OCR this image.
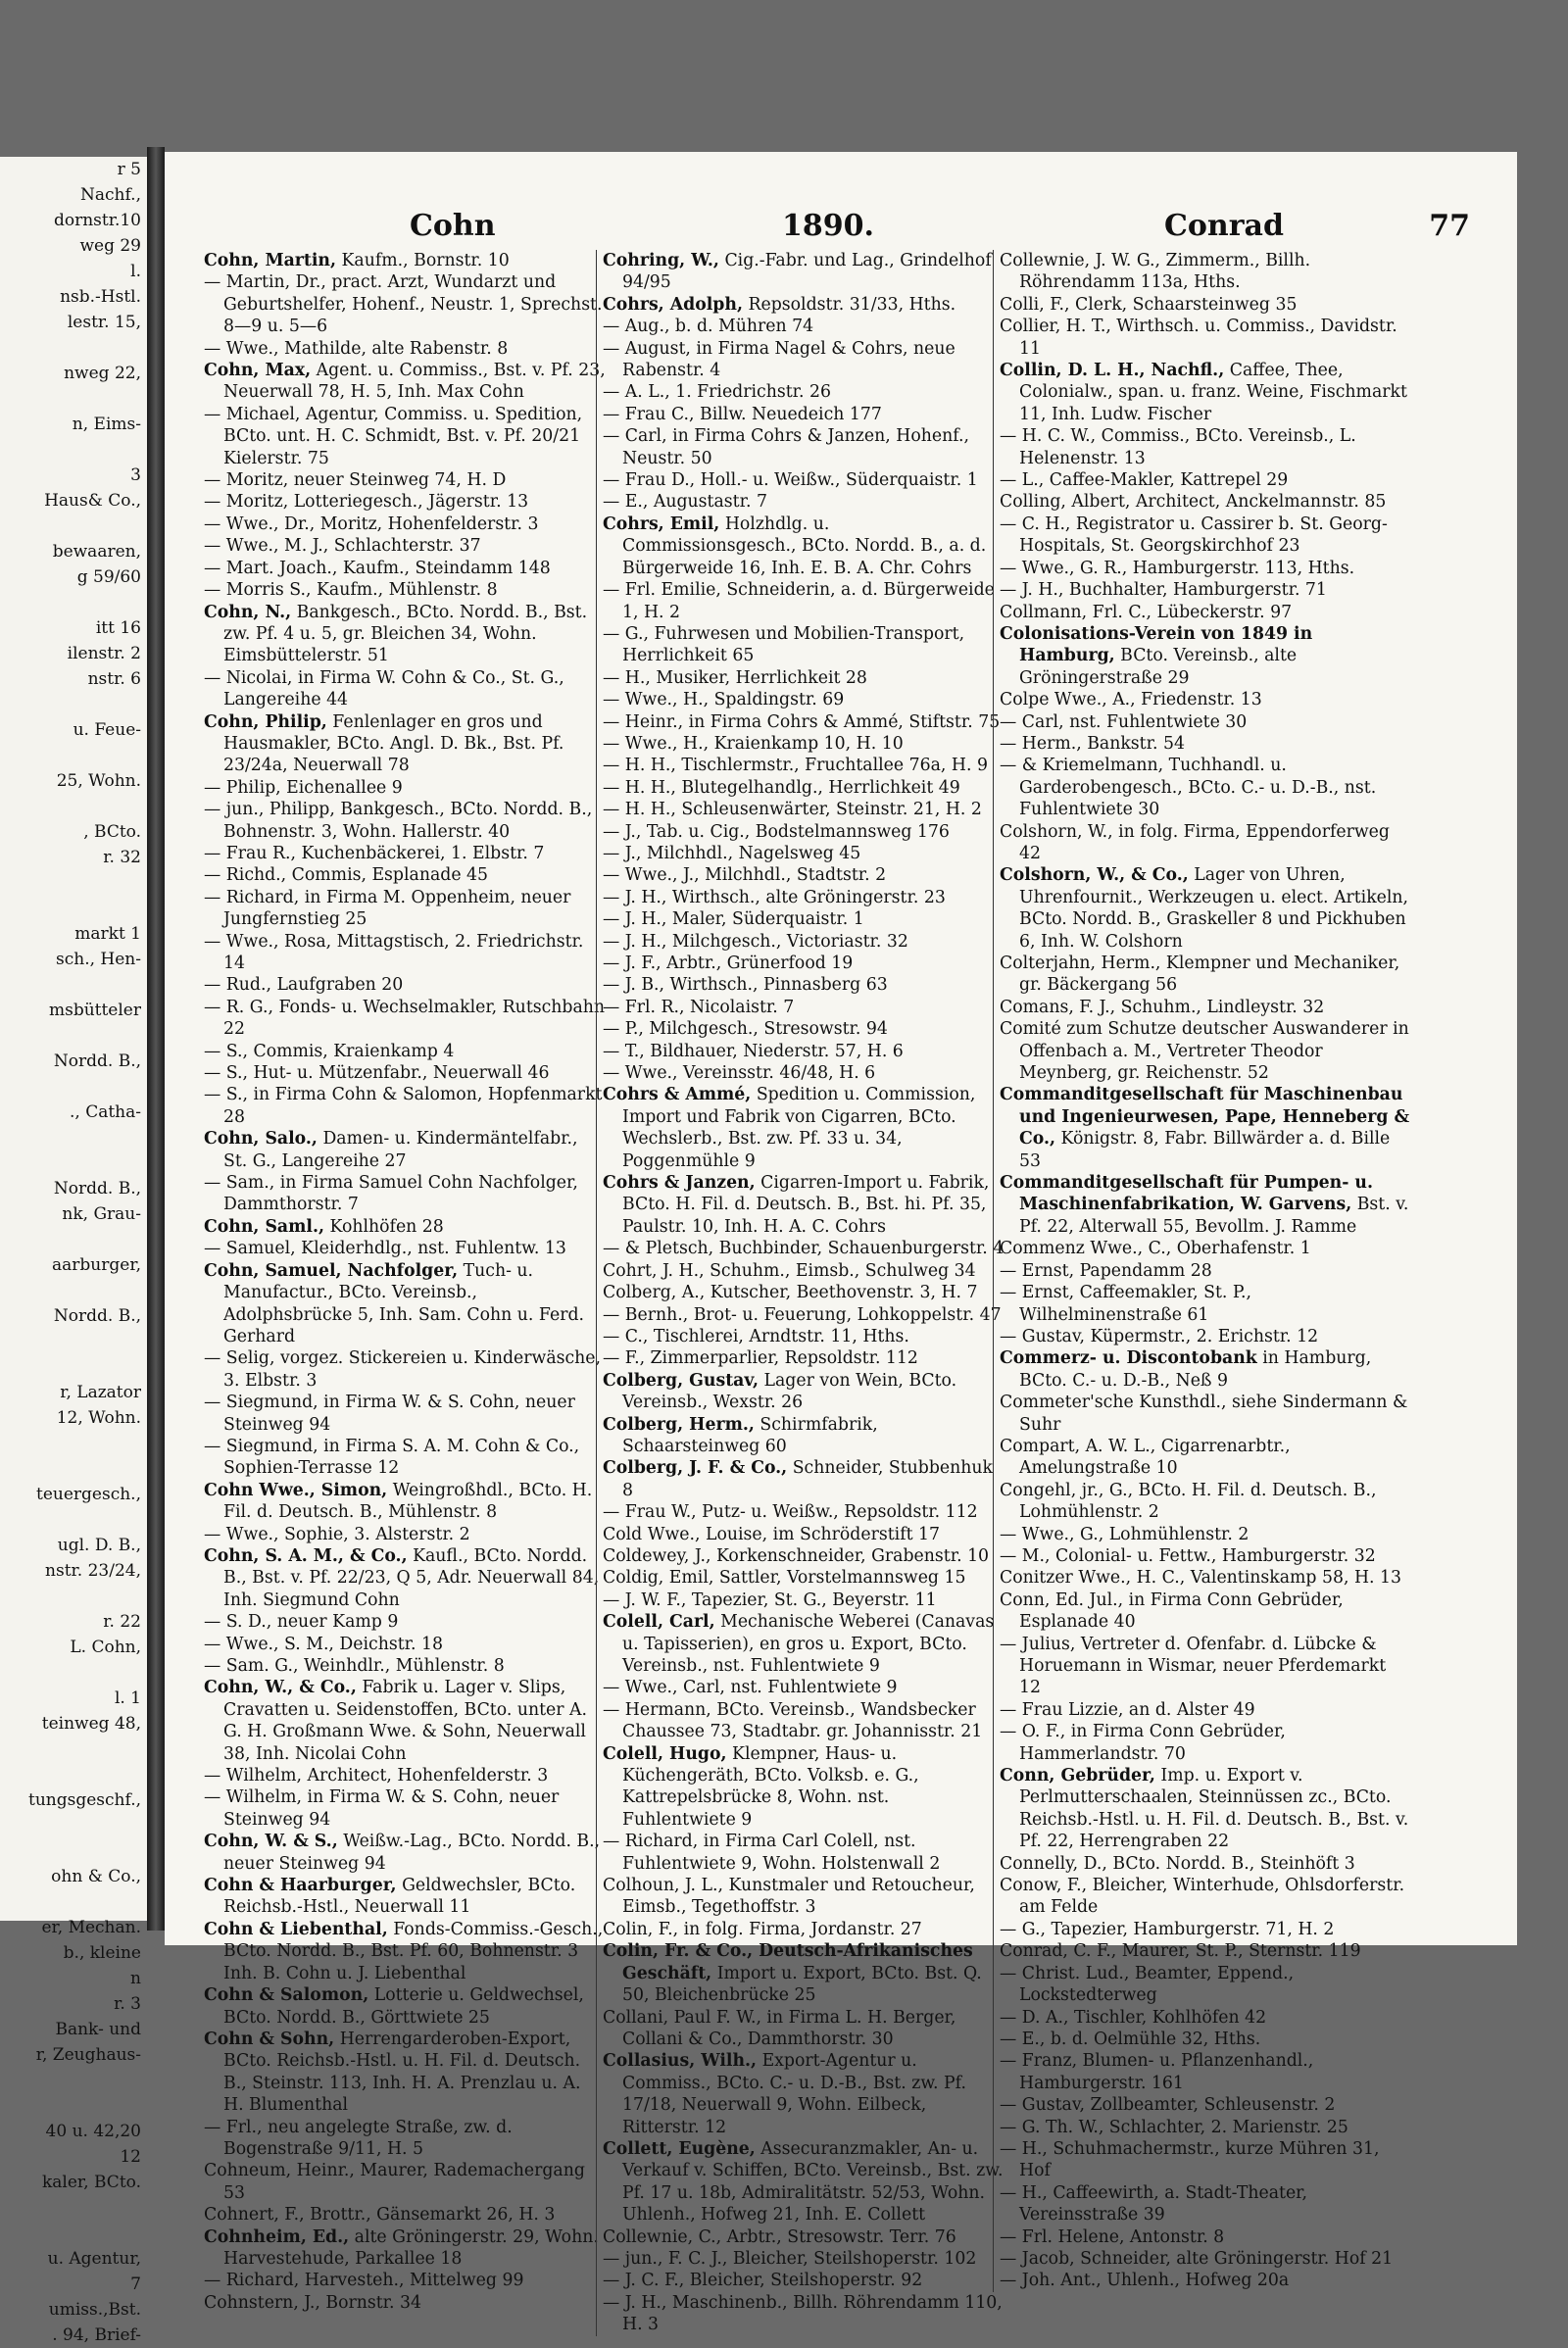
r 5
Nachf.,
dornstr.10
weg 29
l.
nsb.-Hstl.
lestr. 15,

nweg 22,

n, Eims-

3
Haus& Co.,

bewaaren,
g 59/60

itt 16
ilenstr. 2
nstr. 6

u. Feue-

25, Wohn.

, BCto.
r. 32

markt 1
sch., Hen-

msbütteler

Nordd. B.,

., Catha-

Nordd. B.,
nk, Grau-

aarburger,

Nordd. B.,

r, Lazator
12, Wohn.

teuergesch.,

ugl. D. B.,
nstr. 23/24,

r. 22
L. Cohn,

l. 1
teinweg 48,

tungsgeschf.,

ohn & Co.,

er, Mechan.
b., kleine
n
r. 3
Bank- und
r, Zeughaus-

40 u. 42,20
12
kaler, BCto.

u. Agentur,
7
umiss.,Bst.
. 94, Brief-
Cohn	1890.	Conrad	77

Cohn, Martin, Kaufm., Bornstr. 10

— Martin, Dr., pract. Arzt, Wundarzt und Geburtshelfer, Hohenf., Neustr. 1, Sprechst. 8—9 u. 5—6

— Wwe., Mathilde, alte Rabenstr. 8

Cohn, Max, Agent. u. Commiss., Bst. v. Pf. 23, Neuerwall 78, H. 5, Inh. Max Cohn

— Michael, Agentur, Commiss. u. Spedition, BCto. unt. H. C. Schmidt, Bst. v. Pf. 20/21 Kielerstr. 75

— Moritz, neuer Steinweg 74, H. D

— Moritz, Lotteriegesch., Jägerstr. 13

— Wwe., Dr., Moritz, Hohenfelderstr. 3

— Wwe., M. J., Schlachterstr. 37

— Mart. Joach., Kaufm., Steindamm 148

— Morris S., Kaufm., Mühlenstr. 8

Cohn, N., Bankgesch., BCto. Nordd. B., Bst. zw. Pf. 4 u. 5, gr. Bleichen 34, Wohn. Eimsbüttelerstr. 51

— Nicolai, in Firma W. Cohn & Co., St. G., Langereihe 44

Cohn, Philip, Fenlenlager en gros und Hausmakler, BCto. Angl. D. Bk., Bst. Pf. 23/24a, Neuerwall 78

— Philip, Eichenallee 9

— jun., Philipp, Bankgesch., BCto. Nordd. B., Bohnenstr. 3, Wohn. Hallerstr. 40

— Frau R., Kuchenbäckerei, 1. Elbstr. 7

— Richd., Commis, Esplanade 45

— Richard, in Firma M. Oppenheim, neuer Jungfernstieg 25

— Wwe., Rosa, Mittagstisch, 2. Friedrichstr. 14

— Rud., Laufgraben 20

— R. G., Fonds- u. Wechselmakler, Rutschbahn 22

— S., Commis, Kraienkamp 4

— S., Hut- u. Mützenfabr., Neuerwall 46

— S., in Firma Cohn & Salomon, Hopfenmarkt 28

Cohn, Salo., Damen- u. Kindermäntelfabr., St. G., Langereihe 27

— Sam., in Firma Samuel Cohn Nachfolger, Dammthorstr. 7

Cohn, Saml., Kohlhöfen 28

— Samuel, Kleiderhdlg., nst. Fuhlentw. 13

Cohn, Samuel, Nachfolger, Tuch- u. Manufactur., BCto. Vereinsb., Adolphsbrücke 5, Inh. Sam. Cohn u. Ferd. Gerhard

— Selig, vorgez. Stickereien u. Kinderwäsche, 3. Elbstr. 3

— Siegmund, in Firma W. & S. Cohn, neuer Steinweg 94

— Siegmund, in Firma S. A. M. Cohn & Co., Sophien-Terrasse 12

Cohn Wwe., Simon, Weingroßhdl., BCto. H. Fil. d. Deutsch. B., Mühlenstr. 8

— Wwe., Sophie, 3. Alsterstr. 2

Cohn, S. A. M., & Co., Kaufl., BCto. Nordd. B., Bst. v. Pf. 22/23, Q 5, Adr. Neuerwall 84, Inh. Siegmund Cohn

— S. D., neuer Kamp 9

— Wwe., S. M., Deichstr. 18

— Sam. G., Weinhdlr., Mühlenstr. 8

Cohn, W., & Co., Fabrik u. Lager v. Slips, Cravatten u. Seidenstoffen, BCto. unter A. G. H. Großmann Wwe. & Sohn, Neuerwall 38, Inh. Nicolai Cohn

— Wilhelm, Architect, Hohenfelderstr. 3

— Wilhelm, in Firma W. & S. Cohn, neuer Steinweg 94

Cohn, W. & S., Weißw.-Lag., BCto. Nordd. B., neuer Steinweg 94

Cohn & Haarburger, Geldwechsler, BCto. Reichsb.-Hstl., Neuerwall 11

Cohn & Liebenthal, Fonds-Commiss.-Gesch., BCto. Nordd. B., Bst. Pf. 60, Bohnenstr. 3 Inh. B. Cohn u. J. Liebenthal

Cohn & Salomon, Lotterie u. Geldwechsel, BCto. Nordd. B., Görttwiete 25

Cohn & Sohn, Herrengarderoben-Export, BCto. Reichsb.-Hstl. u. H. Fil. d. Deutsch. B., Steinstr. 113, Inh. H. A. Prenzlau u. A. H. Blumenthal

— Frl., neu angelegte Straße, zw. d. Bogenstraße 9/11, H. 5

Cohneum, Heinr., Maurer, Rademachergang 53

Cohnert, F., Brottr., Gänsemarkt 26, H. 3

Cohnheim, Ed., alte Gröningerstr. 29, Wohn. Harvestehude, Parkallee 18

— Richard, Harvesteh., Mittelweg 99

Cohnstern, J., Bornstr. 34

Cohring, W., Cig.-Fabr. und Lag., Grindelhof 94/95

Cohrs, Adolph, Repsoldstr. 31/33, Hths.

— Aug., b. d. Mühren 74

— August, in Firma Nagel & Cohrs, neue Rabenstr. 4

— A. L., 1. Friedrichstr. 26

— Frau C., Billw. Neuedeich 177

— Carl, in Firma Cohrs & Janzen, Hohenf., Neustr. 50

— Frau D., Holl.- u. Weißw., Süderquaistr. 1

— E., Augustastr. 7

Cohrs, Emil, Holzhdlg. u. Commissionsgesch., BCto. Nordd. B., a. d. Bürgerweide 16, Inh. E. B. A. Chr. Cohrs

— Frl. Emilie, Schneiderin, a. d. Bürgerweide 1, H. 2

— G., Fuhrwesen und Mobilien-Transport, Herrlichkeit 65

— H., Musiker, Herrlichkeit 28

— Wwe., H., Spaldingstr. 69

— Heinr., in Firma Cohrs & Ammé, Stiftstr. 75

— Wwe., H., Kraienkamp 10, H. 10

— H. H., Tischlermstr., Fruchtallee 76a, H. 9

— H. H., Blutegelhandlg., Herrlichkeit 49

— H. H., Schleusenwärter, Steinstr. 21, H. 2

— J., Tab. u. Cig., Bodstelmannsweg 176

— J., Milchhdl., Nagelsweg 45

— Wwe., J., Milchhdl., Stadtstr. 2

— J. H., Wirthsch., alte Gröningerstr. 23

— J. H., Maler, Süderquaistr. 1

— J. H., Milchgesch., Victoriastr. 32

— J. F., Arbtr., Grünerfood 19

— J. B., Wirthsch., Pinnasberg 63

— Frl. R., Nicolaistr. 7

— P., Milchgesch., Stresowstr. 94

— T., Bildhauer, Niederstr. 57, H. 6

— Wwe., Vereinsstr. 46/48, H. 6

Cohrs & Ammé, Spedition u. Commission, Import und Fabrik von Cigarren, BCto. Wechslerb., Bst. zw. Pf. 33 u. 34, Poggenmühle 9

Cohrs & Janzen, Cigarren-Import u. Fabrik, BCto. H. Fil. d. Deutsch. B., Bst. hi. Pf. 35, Paulstr. 10, Inh. H. A. C. Cohrs

— & Pletsch, Buchbinder, Schauenburgerstr. 4

Cohrt, J. H., Schuhm., Eimsb., Schulweg 34

Colberg, A., Kutscher, Beethovenstr. 3, H. 7

— Bernh., Brot- u. Feuerung, Lohkoppelstr. 47

— C., Tischlerei, Arndtstr. 11, Hths.

— F., Zimmerparlier, Repsoldstr. 112

Colberg, Gustav, Lager von Wein, BCto. Vereinsb., Wexstr. 26

Colberg, Herm., Schirmfabrik, Schaarsteinweg 60

Colberg, J. F. & Co., Schneider, Stubbenhuk 8

— Frau W., Putz- u. Weißw., Repsoldstr. 112

Cold Wwe., Louise, im Schröderstift 17

Coldewey, J., Korkenschneider, Grabenstr. 10

Coldig, Emil, Sattler, Vorstelmannsweg 15

— J. W. F., Tapezier, St. G., Beyerstr. 11

Colell, Carl, Mechanische Weberei (Canavas u. Tapisserien), en gros u. Export, BCto. Vereinsb., nst. Fuhlentwiete 9

— Wwe., Carl, nst. Fuhlentwiete 9

— Hermann, BCto. Vereinsb., Wandsbecker Chaussee 73, Stadtabr. gr. Johannisstr. 21

Colell, Hugo, Klempner, Haus- u. Küchengeräth, BCto. Volksb. e. G., Kattrepelsbrücke 8, Wohn. nst. Fuhlentwiete 9

— Richard, in Firma Carl Colell, nst. Fuhlentwiete 9, Wohn. Holstenwall 2

Colhoun, J. L., Kunstmaler und Retoucheur, Eimsb., Tegethoffstr. 3

Colin, F., in folg. Firma, Jordanstr. 27

Colin, Fr. & Co., Deutsch-Afrikanisches Geschäft, Import u. Export, BCto. Bst. Q. 50, Bleichenbrücke 25

Collani, Paul F. W., in Firma L. H. Berger, Collani & Co., Dammthorstr. 30

Collasius, Wilh., Export-Agentur u. Commiss., BCto. C.- u. D.-B., Bst. zw. Pf. 17/18, Neuerwall 9, Wohn. Eilbeck, Ritterstr. 12

Collett, Eugène, Assecuranzmakler, An- u. Verkauf v. Schiffen, BCto. Vereinsb., Bst. zw. Pf. 17 u. 18b, Admiralitätstr. 52/53, Wohn. Uhlenh., Hofweg 21, Inh. E. Collett

Collewnie, C., Arbtr., Stresowstr. Terr. 76

— jun., F. C. J., Bleicher, Steilshoperstr. 102

— J. C. F., Bleicher, Steilshoperstr. 92

— J. H., Maschinenb., Billh. Röhrendamm 110, H. 3

Collewnie, J. W. G., Zimmerm., Billh. Röhrendamm 113a, Hths.

Colli, F., Clerk, Schaarsteinweg 35

Collier, H. T., Wirthsch. u. Commiss., Davidstr. 11

Collin, D. L. H., Nachfl., Caffee, Thee, Colonialw., span. u. franz. Weine, Fischmarkt 11, Inh. Ludw. Fischer

— H. C. W., Commiss., BCto. Vereinsb., L. Helenenstr. 13

— L., Caffee-Makler, Kattrepel 29

Colling, Albert, Architect, Anckelmannstr. 85

— C. H., Registrator u. Cassirer b. St. Georg-Hospitals, St. Georgskirchhof 23

— Wwe., G. R., Hamburgerstr. 113, Hths.

— J. H., Buchhalter, Hamburgerstr. 71

Collmann, Frl. C., Lübeckerstr. 97

Colonisations-Verein von 1849 in Hamburg, BCto. Vereinsb., alte Gröningerstraße 29

Colpe Wwe., A., Friedenstr. 13

— Carl, nst. Fuhlentwiete 30

— Herm., Bankstr. 54

— & Kriemelmann, Tuchhandl. u. Garderobengesch., BCto. C.- u. D.-B., nst. Fuhlentwiete 30

Colshorn, W., in folg. Firma, Eppendorferweg 42

Colshorn, W., & Co., Lager von Uhren, Uhrenfournit., Werkzeugen u. elect. Artikeln, BCto. Nordd. B., Graskeller 8 und Pickhuben 6, Inh. W. Colshorn

Colterjahn, Herm., Klempner und Mechaniker, gr. Bäckergang 56

Comans, F. J., Schuhm., Lindleystr. 32

Comité zum Schutze deutscher Auswanderer in Offenbach a. M., Vertreter Theodor Meynberg, gr. Reichenstr. 52

Commanditgesellschaft für Maschinenbau und Ingenieurwesen, Pape, Henneberg & Co., Königstr. 8, Fabr. Billwärder a. d. Bille 53

Commanditgesellschaft für Pumpen- u. Maschinenfabrikation, W. Garvens, Bst. v. Pf. 22, Alterwall 55, Bevollm. J. Ramme

Commenz Wwe., C., Oberhafenstr. 1

— Ernst, Papendamm 28

— Ernst, Caffeemakler, St. P., Wilhelminenstraße 61

— Gustav, Küpermstr., 2. Erichstr. 12

Commerz- u. Discontobank in Hamburg, BCto. C.- u. D.-B., Neß 9

Commeter'sche Kunsthdl., siehe Sindermann & Suhr

Compart, A. W. L., Cigarrenarbtr., Amelungstraße 10

Congehl, jr., G., BCto. H. Fil. d. Deutsch. B., Lohmühlenstr. 2

— Wwe., G., Lohmühlenstr. 2

— M., Colonial- u. Fettw., Hamburgerstr. 32

Conitzer Wwe., H. C., Valentinskamp 58, H. 13

Conn, Ed. Jul., in Firma Conn Gebrüder, Esplanade 40

— Julius, Vertreter d. Ofenfabr. d. Lübcke & Horuemann in Wismar, neuer Pferdemarkt 12

— Frau Lizzie, an d. Alster 49

— O. F., in Firma Conn Gebrüder, Hammerlandstr. 70

Conn, Gebrüder, Imp. u. Export v. Perlmutterschaalen, Steinnüssen zc., BCto. Reichsb.-Hstl. u. H. Fil. d. Deutsch. B., Bst. v. Pf. 22, Herrengraben 22

Connelly, D., BCto. Nordd. B., Steinhöft 3

Conow, F., Bleicher, Winterhude, Ohlsdorferstr. am Felde

— G., Tapezier, Hamburgerstr. 71, H. 2

Conrad, C. F., Maurer, St. P., Sternstr. 119

— Christ. Lud., Beamter, Eppend., Lockstedterweg

— D. A., Tischler, Kohlhöfen 42

— E., b. d. Oelmühle 32, Hths.

— Franz, Blumen- u. Pflanzenhandl., Hamburgerstr. 161

— Gustav, Zollbeamter, Schleusenstr. 2

— G. Th. W., Schlachter, 2. Marienstr. 25

— H., Schuhmachermstr., kurze Mühren 31, Hof

— H., Caffeewirth, a. Stadt-Theater, Vereinsstraße 39

— Frl. Helene, Antonstr. 8

— Jacob, Schneider, alte Gröningerstr. Hof 21

— Joh. Ant., Uhlenh., Hofweg 20a
